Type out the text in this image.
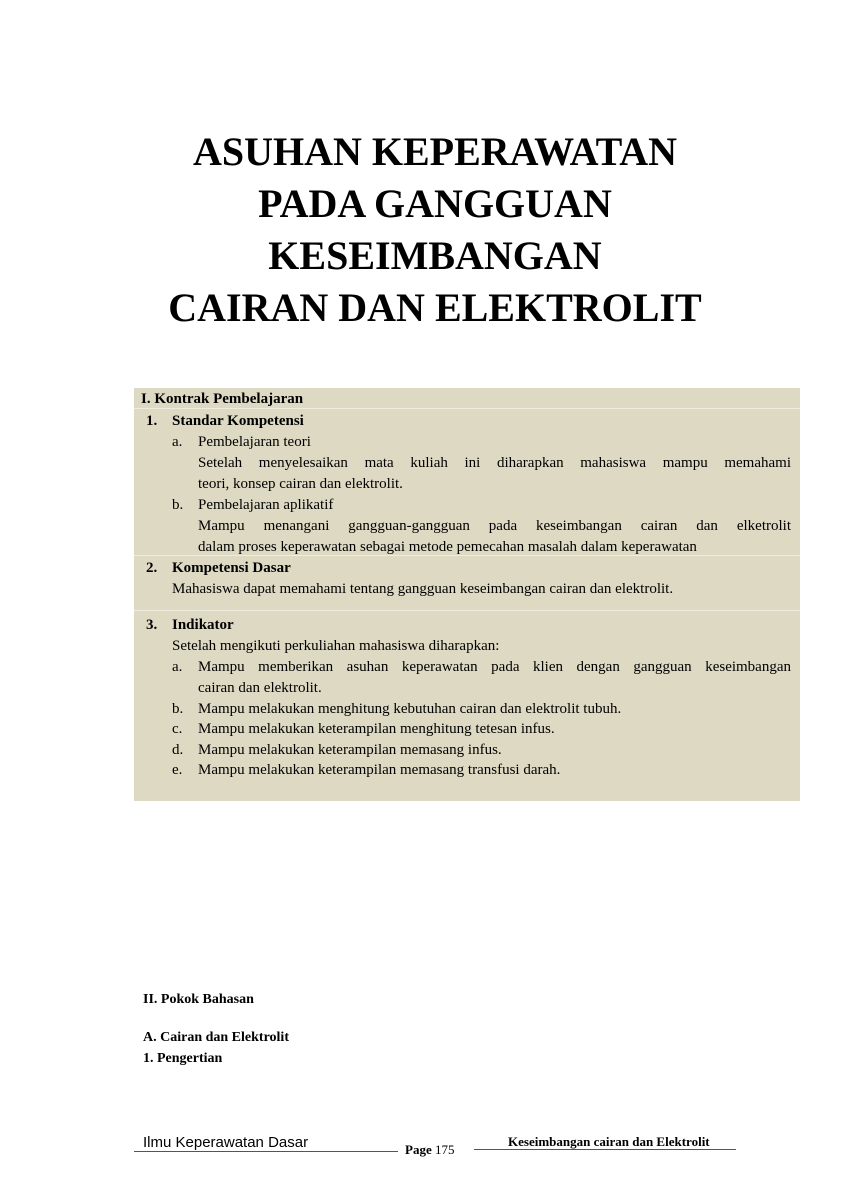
ASUHAN KEPERAWATAN
PADA GANGGUAN
KESEIMBANGAN
CAIRAN DAN ELEKTROLIT
I. Kontrak Pembelajaran
1. Standar Kompetensi
a. Pembelajaran teori
Setelah menyelesaikan mata kuliah ini diharapkan mahasiswa mampu memahami
teori, konsep cairan dan elektrolit.
b. Pembelajaran aplikatif
Mampu menangani gangguan-gangguan pada keseimbangan cairan dan elketrolit
dalam proses keperawatan sebagai metode pemecahan masalah dalam keperawatan
2. Kompetensi Dasar
Mahasiswa dapat memahami tentang gangguan keseimbangan cairan dan elektrolit.
3. Indikator
Setelah mengikuti perkuliahan mahasiswa diharapkan:
a. Mampu memberikan asuhan keperawatan pada klien dengan gangguan keseimbangan
cairan dan elektrolit.
b. Mampu melakukan menghitung kebutuhan cairan dan elektrolit tubuh.
c. Mampu melakukan keterampilan menghitung tetesan infus.
d. Mampu melakukan keterampilan memasang infus.
e. Mampu melakukan keterampilan memasang transfusi darah.
II. Pokok Bahasan
A. Cairan dan Elektrolit
1. Pengertian
Ilmu Keperawatan Dasar	Page 175
Keseimbangan cairan dan Elektrolit
